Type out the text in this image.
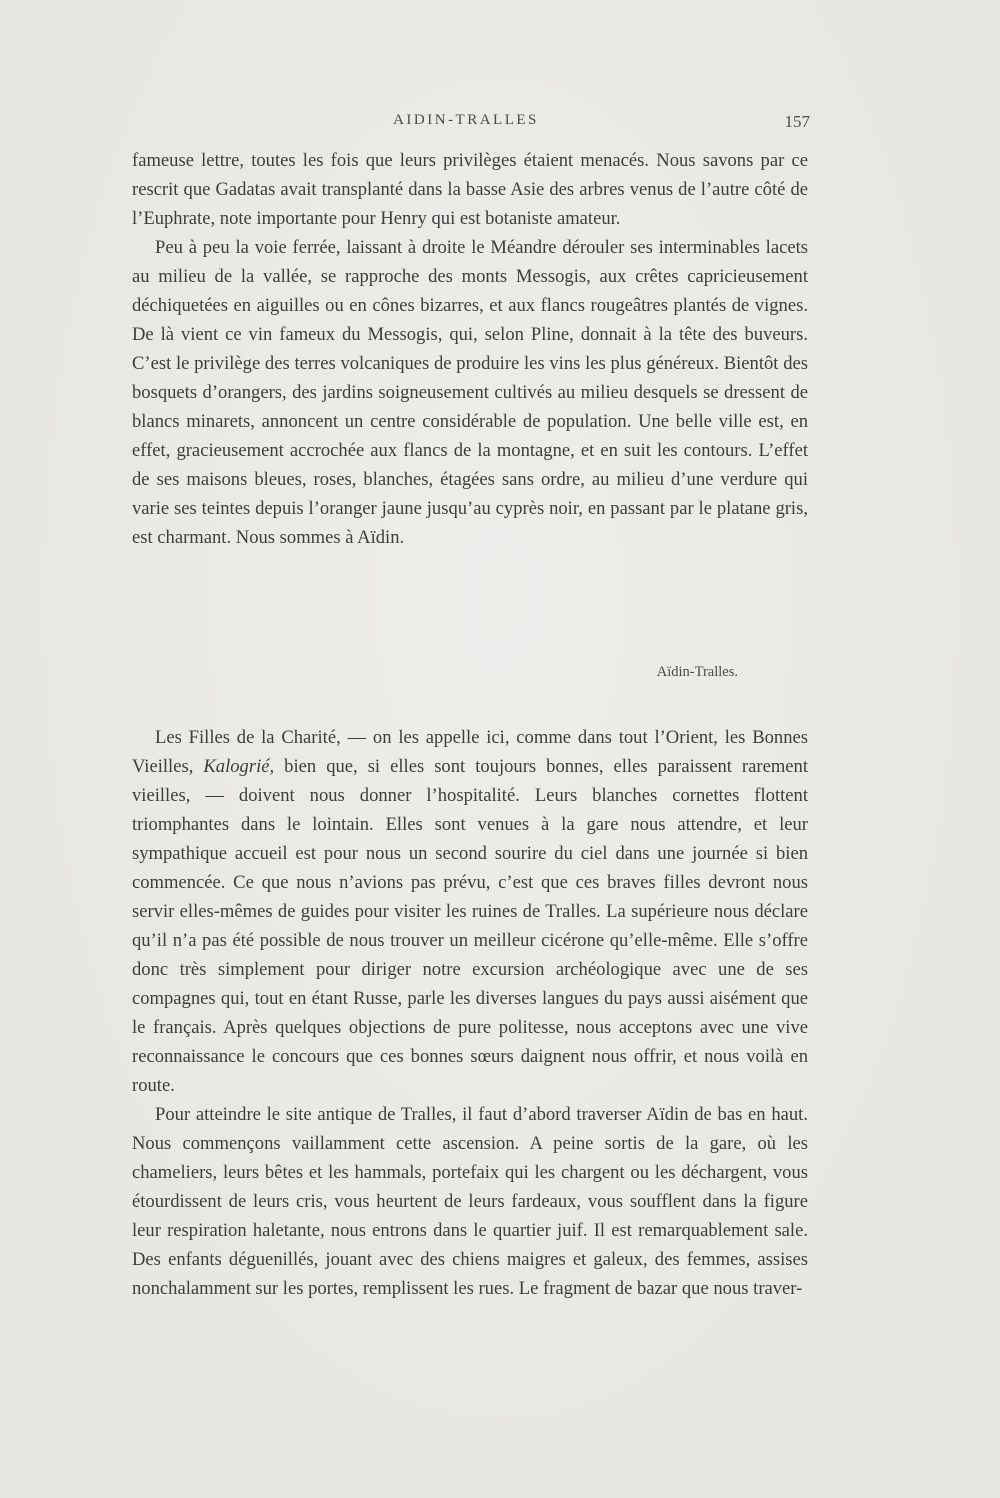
AIDIN-TRALLES	157

fameuse lettre, toutes les fois que leurs privilèges étaient menacés. Nous savons par ce rescrit que Gadatas avait transplanté dans la basse Asie des arbres venus de l’autre côté de l’Euphrate, note importante pour Henry qui est botaniste amateur.

Peu à peu la voie ferrée, laissant à droite le Méandre dérouler ses interminables lacets au milieu de la vallée, se rapproche des monts Messogis, aux crêtes capricieusement déchiquetées en aiguilles ou en cônes bizarres, et aux flancs rougeâtres plantés de vignes. De là vient ce vin fameux du Messogis, qui, selon Pline, donnait à la tête des buveurs. C’est le privilège des terres volcaniques de produire les vins les plus généreux. Bientôt des bosquets d’orangers, des jardins soigneusement cultivés au milieu desquels se dressent de blancs minarets, annoncent un centre considérable de population. Une belle ville est, en effet, gracieusement accrochée aux flancs de la montagne, et en suit les contours. L’effet de ses maisons bleues, roses, blanches, étagées sans ordre, au milieu d’une verdure qui varie ses teintes depuis l’oranger jaune jusqu’au cyprès noir, en passant par le platane gris, est charmant. Nous sommes à Aïdin.

Aïdin-Tralles.

Les Filles de la Charité, — on les appelle ici, comme dans tout l’Orient, les Bonnes Vieilles, Kalogrié, bien que, si elles sont toujours bonnes, elles paraissent rarement vieilles, — doivent nous donner l’hospitalité. Leurs blanches cornettes flottent triomphantes dans le lointain. Elles sont venues à la gare nous attendre, et leur sympathique accueil est pour nous un second sourire du ciel dans une journée si bien commencée. Ce que nous n’avions pas prévu, c’est que ces braves filles devront nous servir elles-mêmes de guides pour visiter les ruines de Tralles. La supérieure nous déclare qu’il n’a pas été possible de nous trouver un meilleur cicérone qu’elle-même. Elle s’offre donc très simplement pour diriger notre excursion archéologique avec une de ses compagnes qui, tout en étant Russe, parle les diverses langues du pays aussi aisément que le français. Après quelques objections de pure politesse, nous acceptons avec une vive reconnaissance le concours que ces bonnes sœurs daignent nous offrir, et nous voilà en route.

Pour atteindre le site antique de Tralles, il faut d’abord traverser Aïdin de bas en haut. Nous commençons vaillamment cette ascension. A peine sortis de la gare, où les chameliers, leurs bêtes et les hammals, portefaix qui les chargent ou les déchargent, vous étourdissent de leurs cris, vous heurtent de leurs fardeaux, vous soufflent dans la figure leur respiration haletante, nous entrons dans le quartier juif. Il est remarquablement sale. Des enfants déguenillés, jouant avec des chiens maigres et galeux, des femmes, assises nonchalamment sur les portes, remplissent les rues. Le fragment de bazar que nous traver-
